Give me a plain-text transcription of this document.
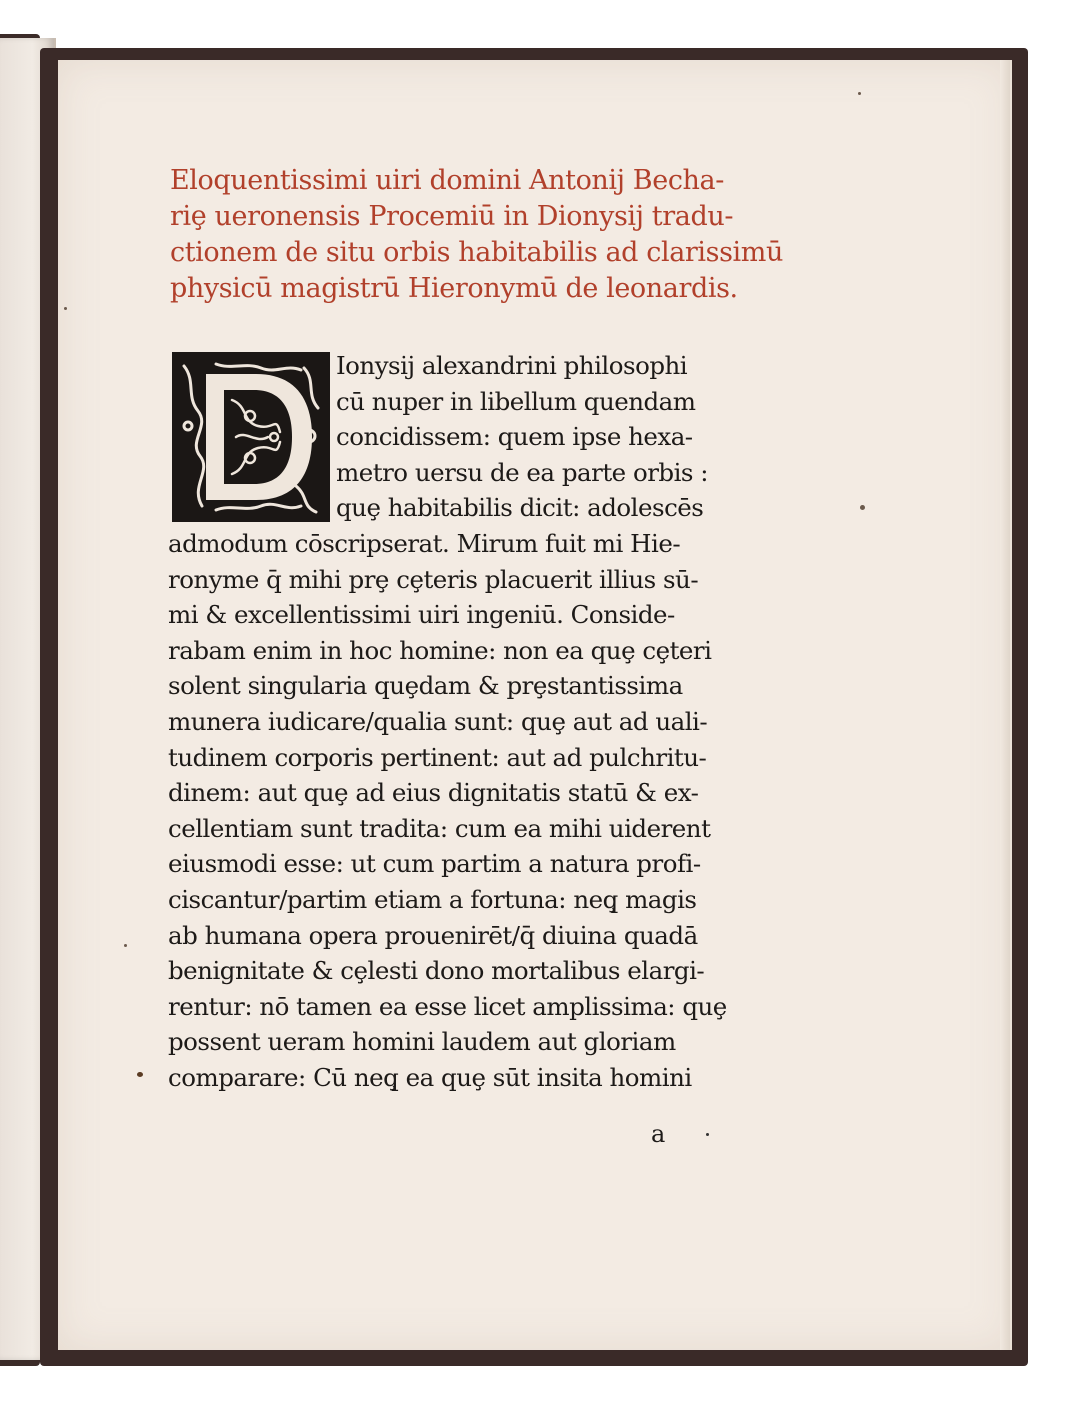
Eloquentissimi uiri domini Antonij Becha-
riȩ ueronensis Procemiū in Dionysij tradu-
ctionem de situ orbis habitabilis ad clarissimū
physicū magistrū Hieronymū de leonardis.
Ionysij alexandrini philosophi
cū nuper in libellum quendam
concidissem: quem ipse hexa-
metro uersu de ea parte orbis :
quȩ habitabilis dicit: adolescēs
admodum cōscripserat. Mirum fuit mi Hie-
ronyme q̄ mihi prȩ cȩteris placuerit illius sū-
mi & excellentissimi uiri ingeniū. Conside-
rabam enim in hoc homine: non ea quȩ cȩteri
solent singularia quȩdam & prȩstantissima
munera iudicare/qualia sunt: quȩ aut ad uali-
tudinem corporis pertinent: aut ad pulchritu-
dinem: aut quȩ ad eius dignitatis statū & ex-
cellentiam sunt tradita: cum ea mihi uiderent
eiusmodi esse: ut cum partim a natura profi-
ciscantur/partim etiam a fortuna: neq̧ magis
ab humana opera prouenirēt/q̄ diuina quadā
benignitate & cȩlesti dono mortalibus elargi-
rentur: nō tamen ea esse licet amplissima: quȩ
possent ueram homini laudem aut gloriam
comparare: Cū neq̧ ea quȩ sūt insita homini
a
